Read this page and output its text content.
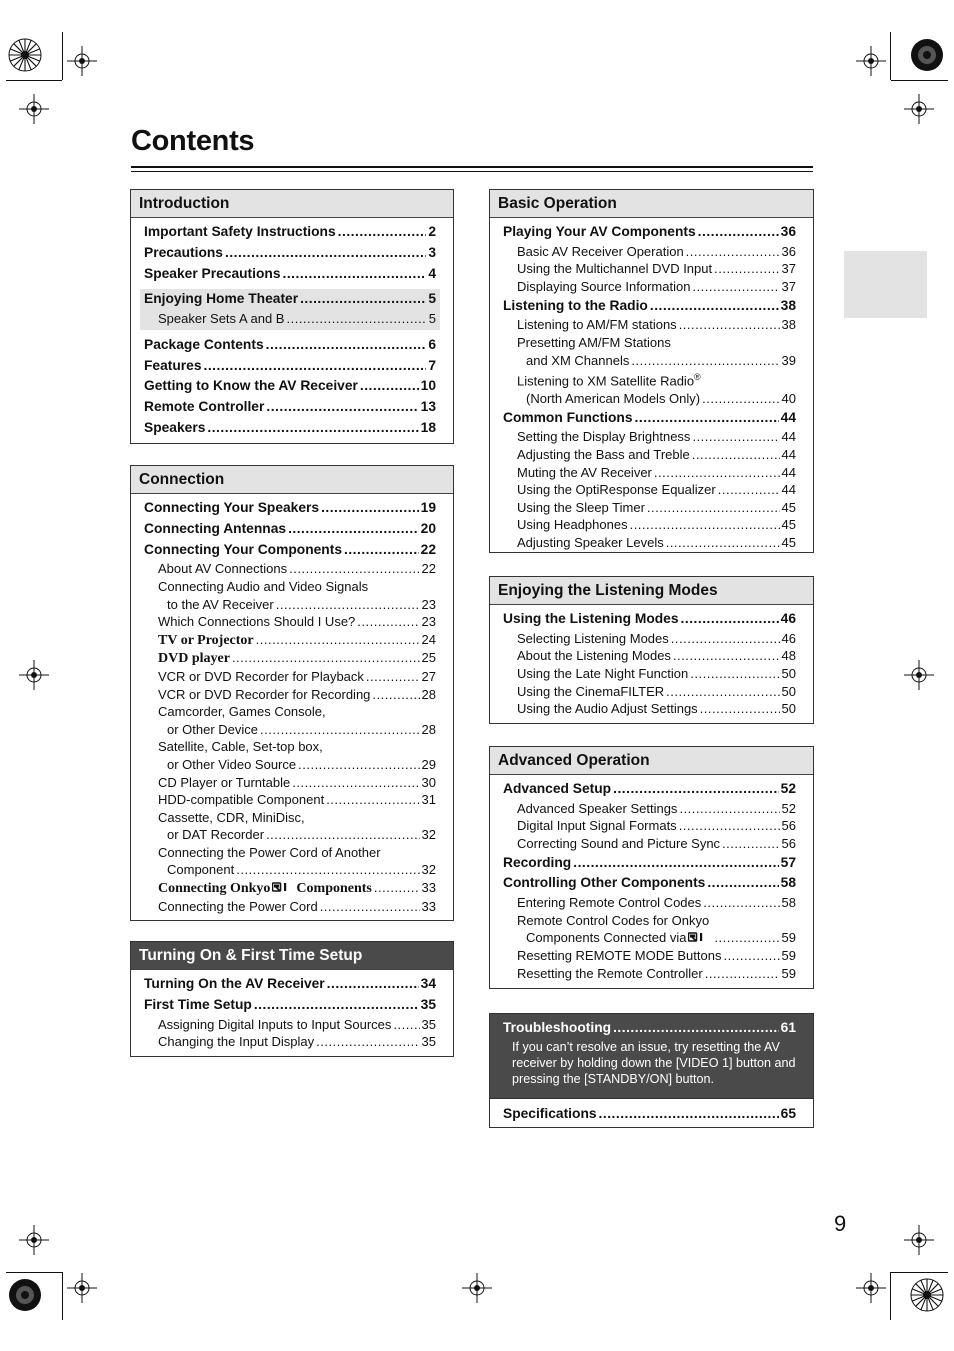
Contents
Introduction
Important Safety Instructions .....	2
Precautions .....	3
Speaker Precautions .....	4
Enjoying Home Theater .....	5
Speaker Sets A and B .....	5
Package Contents .....	6
Features .....	7
Getting to Know the AV Receiver .....	10
Remote Controller .....	13
Speakers .....	18
Connection
Connecting Your Speakers .....	19
Connecting Antennas .....	20
Connecting Your Components .....	22
About AV Connections .....	22
Connecting Audio and Video Signals
to the AV Receiver .....	23
Which Connections Should I Use? .....	23
TV or Projector .....	24
DVD player .....	25
VCR or DVD Recorder for Playback .....	27
VCR or DVD Recorder for Recording .....	28
Camcorder, Games Console,
or Other Device .....	28
Satellite, Cable, Set-top box,
or Other Video Source .....	29
CD Player or Turntable .....	30
HDD-compatible Component .....	31
Cassette, CDR, MiniDisc,
or DAT Recorder .....	32
Connecting the Power Cord of Another
Component .....	32
Connecting Onkyo Components .....	33
Connecting the Power Cord .....	33
Turning On & First Time Setup
Turning On the AV Receiver .....	34
First Time Setup .....	35
Assigning Digital Inputs to Input Sources ..... 35
Changing the Input Display .....	35
Basic Operation
Playing Your AV Components .....	36
Basic AV Receiver Operation .....	36
Using the Multichannel DVD Input .....	37
Displaying Source Information .....	37
Listening to the Radio .....	38
Listening to AM/FM stations .....	38
Presetting AM/FM Stations
and XM Channels .....	39
Listening to XM Satellite Radio®
(North American Models Only) .....	40
Common Functions .....	44
Setting the Display Brightness .....	44
Adjusting the Bass and Treble .....	44
Muting the AV Receiver .....	44
Using the OptiResponse Equalizer .....	44
Using the Sleep Timer .....	45
Using Headphones .....	45
Adjusting Speaker Levels .....	45
Enjoying the Listening Modes
Using the Listening Modes .....	46
Selecting Listening Modes .....	46
About the Listening Modes .....	48
Using the Late Night Function .....	50
Using the CinemaFILTER .....	50
Using the Audio Adjust Settings .....	50
Advanced Operation
Advanced Setup .....	52
Advanced Speaker Settings .....	52
Digital Input Signal Formats .....	56
Correcting Sound and Picture Sync .....	56
Recording .....	57
Controlling Other Components .....	58
Entering Remote Control Codes .....	58
Remote Control Codes for Onkyo
Components Connected via .....	59
Resetting REMOTE MODE Buttons .....	59
Resetting the Remote Controller .....	59
Troubleshooting .....	61
If you can’t resolve an issue, try resetting the AV receiver by holding down the [VIDEO 1] button and pressing the [STANDBY/ON] button.
Specifications .....	65
9
